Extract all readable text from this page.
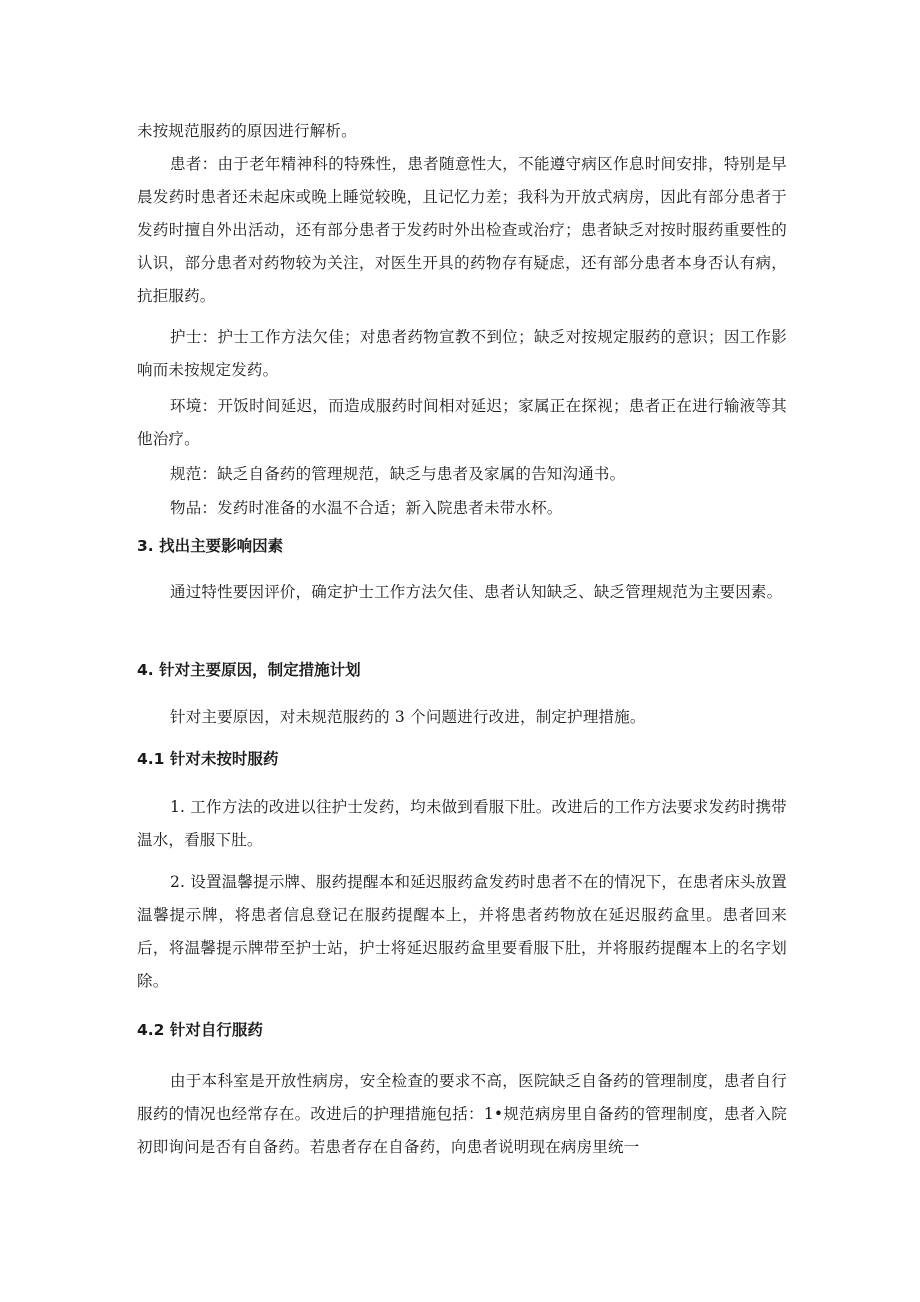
未按规范服药的原因进行解析。

患者：由于老年精神科的特殊性，患者随意性大，不能遵守病区作息时间安排，特别是早晨发药时患者还未起床或晚上睡觉较晚，且记忆力差；我科为开放式病房，因此有部分患者于发药时擅自外出活动，还有部分患者于发药时外出检查或治疗；患者缺乏对按时服药重要性的认识，部分患者对药物较为关注，对医生开具的药物存有疑虑，还有部分患者本身否认有病，抗拒服药。

护士：护士工作方法欠佳；对患者药物宣教不到位；缺乏对按规定服药的意识；因工作影响而未按规定发药。

环境：开饭时间延迟，而造成服药时间相对延迟；家属正在探视；患者正在进行输液等其他治疗。

规范：缺乏自备药的管理规范，缺乏与患者及家属的告知沟通书。

物品：发药时准备的水温不合适；新入院患者未带水杯。

3. 找出主要影响因素

通过特性要因评价，确定护士工作方法欠佳、患者认知缺乏、缺乏管理规范为主要因素。

4. 针对主要原因，制定措施计划

针对主要原因，对未规范服药的 3 个问题进行改进，制定护理措施。

4.1 针对未按时服药

1. 工作方法的改进以往护士发药，均未做到看服下肚。改进后的工作方法要求发药时携带温水，看服下肚。

2. 设置温馨提示牌、服药提醒本和延迟服药盒发药时患者不在的情况下，在患者床头放置温馨提示牌，将患者信息登记在服药提醒本上，并将患者药物放在延迟服药盒里。患者回来后，将温馨提示牌带至护士站，护士将延迟服药盒里要看服下肚，并将服药提醒本上的名字划除。

4.2 针对自行服药

由于本科室是开放性病房，安全检查的要求不高，医院缺乏自备药的管理制度，患者自行服药的情况也经常存在。改进后的护理措施包括：1•规范病房里自备药的管理制度，患者入院初即询问是否有自备药。若患者存在自备药，向患者说明现在病房里统一
